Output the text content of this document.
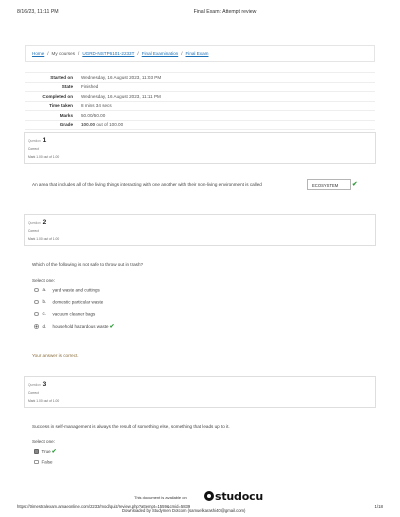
8/16/23, 11:11 PM	Final Exam: Attempt review
Home / My courses / UGRD-NSTP6101-2233T / Final Examination / Final Exam
Started on	Wednesday, 16 August 2023, 11:03 PM
State	Finished
Completed on	Wednesday, 16 August 2023, 11:11 PM
Time taken	8 mins 34 secs
Marks	50.00/50.00
Grade	100.00 out of 100.00
Question 1
Correct
Mark 1.00 out of 1.00
An area that includes all of the living things interacting with one another with their non-living environment is called	ECOSYSTEM	✔
Question 2
Correct
Mark 1.00 out of 1.00
Which of the following is not safe to throw out in trash?
Select one:
a. yard waste and cuttings
b. domestic particular waste
c. vacuum cleaner bags
d. household hazardous waste✔
Your answer is correct.
Question 3
Correct
Mark 1.00 out of 1.00
Success in self-management is always the result of something else, something that leads up to it.
Select one:
True✔
False
This document is available on	studocu
https://trimestralexam.amaeonline.com/2233/mod/quiz/review.php?attempt=1559&cmid=5839	1/18
Downloaded by Studymen Dotcom (samuelkarashi40@gmail.com)
